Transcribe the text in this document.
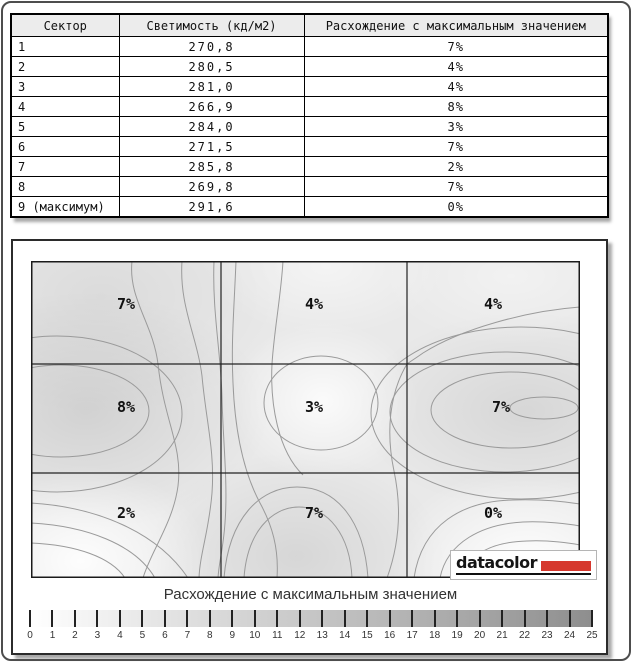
Сектор	Светимость (кд/м2)	Расхождение с максимальным значением
1	270,8	7%
2	280,5	4%
3	281,0	4%
4	266,9	8%
5	284,0	3%
6	271,5	7%
7	285,8	2%
8	269,8	7%
9 (максимум)	291,6	0%
7%	4%	4%
8%	3%	7%
2%	7%	0%
datacolor
Расхождение с максимальным значением
0 1 2 3 4 5 6 7 8 9 10 11 12 13 14 15 16 17 18 19 20 21 22 23 24 25
